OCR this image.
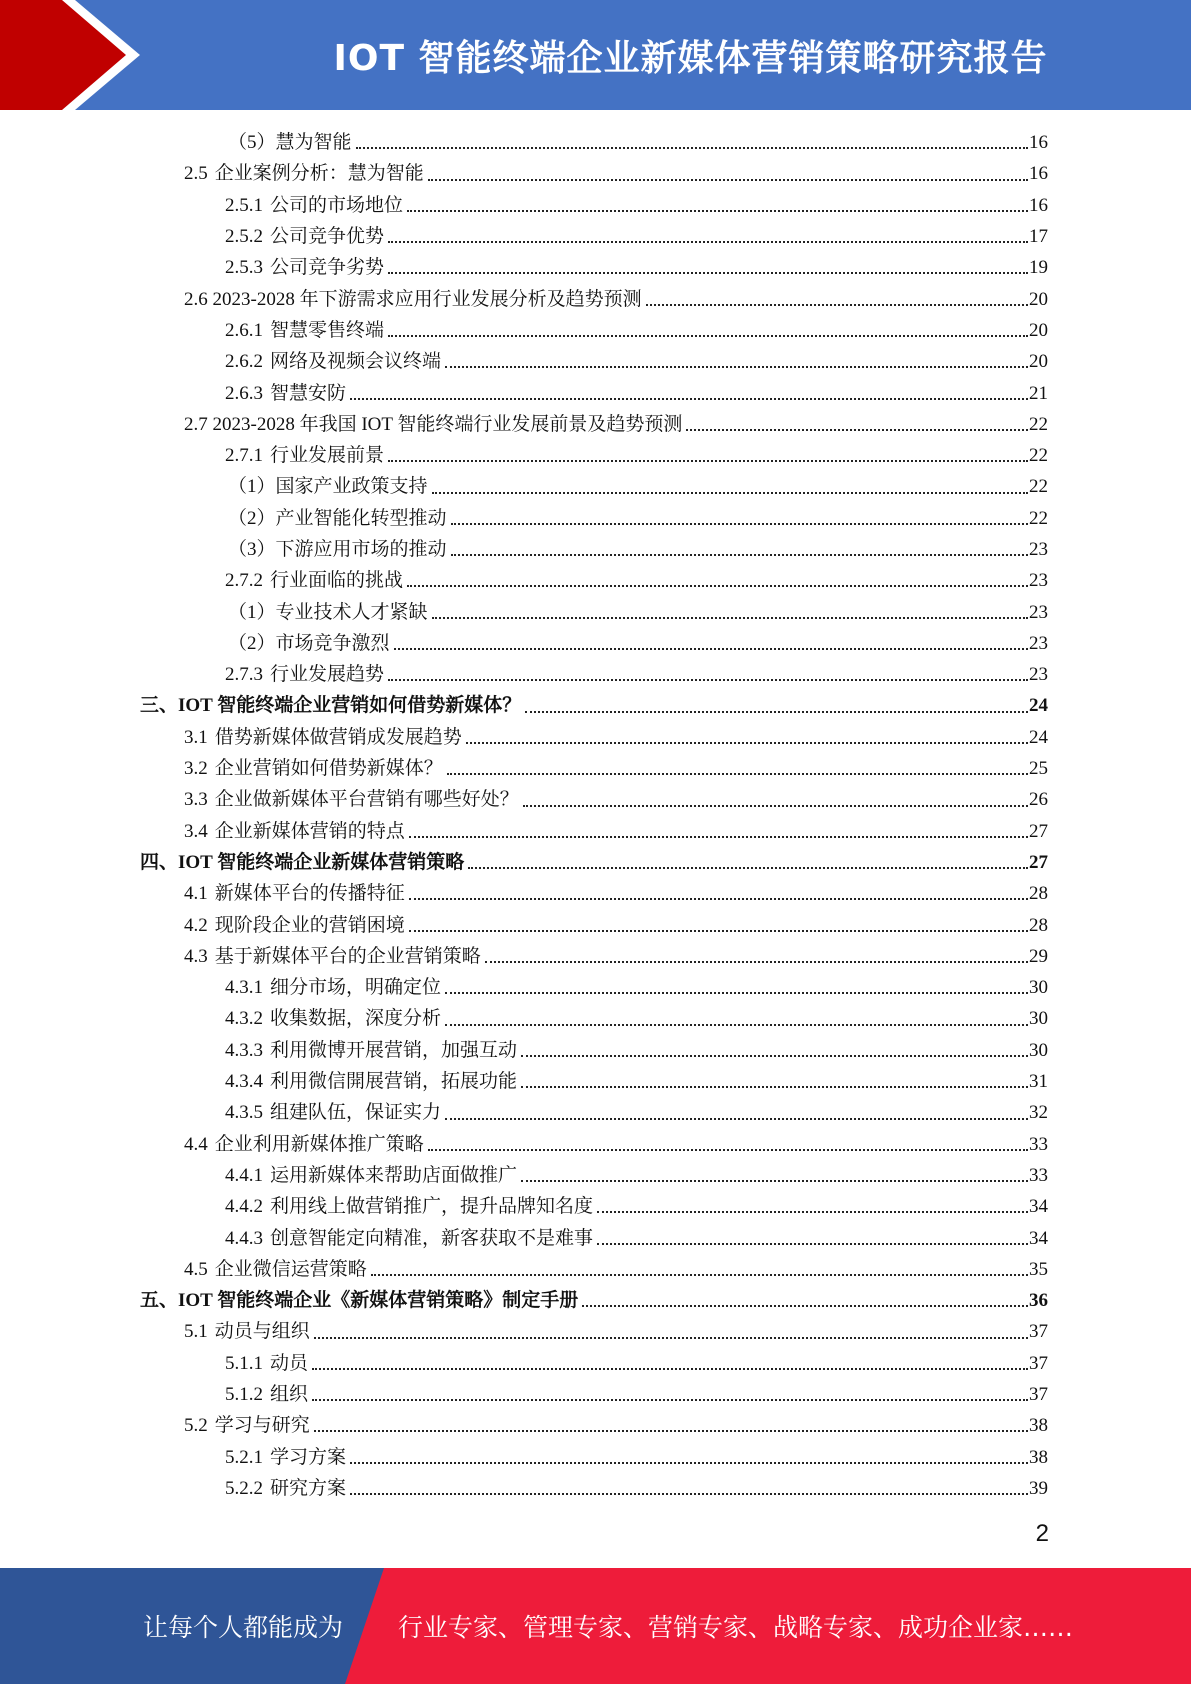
IOT 智能终端企业新媒体营销策略研究报告
（5）慧为智能	16
2.5 企业案例分析：慧为智能	16
2.5.1 公司的市场地位	16
2.5.2 公司竞争优势	17
2.5.3 公司竞争劣势	19
2.6 2023-2028 年下游需求应用行业发展分析及趋势预测	20
2.6.1 智慧零售终端	20
2.6.2 网络及视频会议终端	20
2.6.3 智慧安防	21
2.7 2023-2028 年我国 IOT 智能终端行业发展前景及趋势预测	22
2.7.1 行业发展前景	22
（1）国家产业政策支持	22
（2）产业智能化转型推动	22
（3）下游应用市场的推动	23
2.7.2 行业面临的挑战	23
（1）专业技术人才紧缺	23
（2）市场竞争激烈	23
2.7.3 行业发展趋势	23
三、IOT 智能终端企业营销如何借势新媒体？	24
3.1 借势新媒体做营销成发展趋势	24
3.2 企业营销如何借势新媒体？	25
3.3 企业做新媒体平台营销有哪些好处？	26
3.4 企业新媒体营销的特点	27
四、IOT 智能终端企业新媒体营销策略	27
4.1 新媒体平台的传播特征	28
4.2 现阶段企业的营销困境	28
4.3 基于新媒体平台的企业营销策略	29
4.3.1 细分市场，明确定位	30
4.3.2 收集数据，深度分析	30
4.3.3 利用微博开展营销，加强互动	30
4.3.4 利用微信開展营销，拓展功能	31
4.3.5 组建队伍，保证实力	32
4.4 企业利用新媒体推广策略	33
4.4.1 运用新媒体来帮助店面做推广	33
4.4.2 利用线上做营销推广，提升品牌知名度	34
4.4.3 创意智能定向精准，新客获取不是难事	34
4.5 企业微信运营策略	35
五、IOT 智能终端企业《新媒体营销策略》制定手册	36
5.1 动员与组织	37
5.1.1 动员	37
5.1.2 组织	37
5.2 学习与研究	38
5.2.1 学习方案	38
5.2.2 研究方案	39
2
让每个人都能成为 行业专家、管理专家、营销专家、战略专家、成功企业家……
